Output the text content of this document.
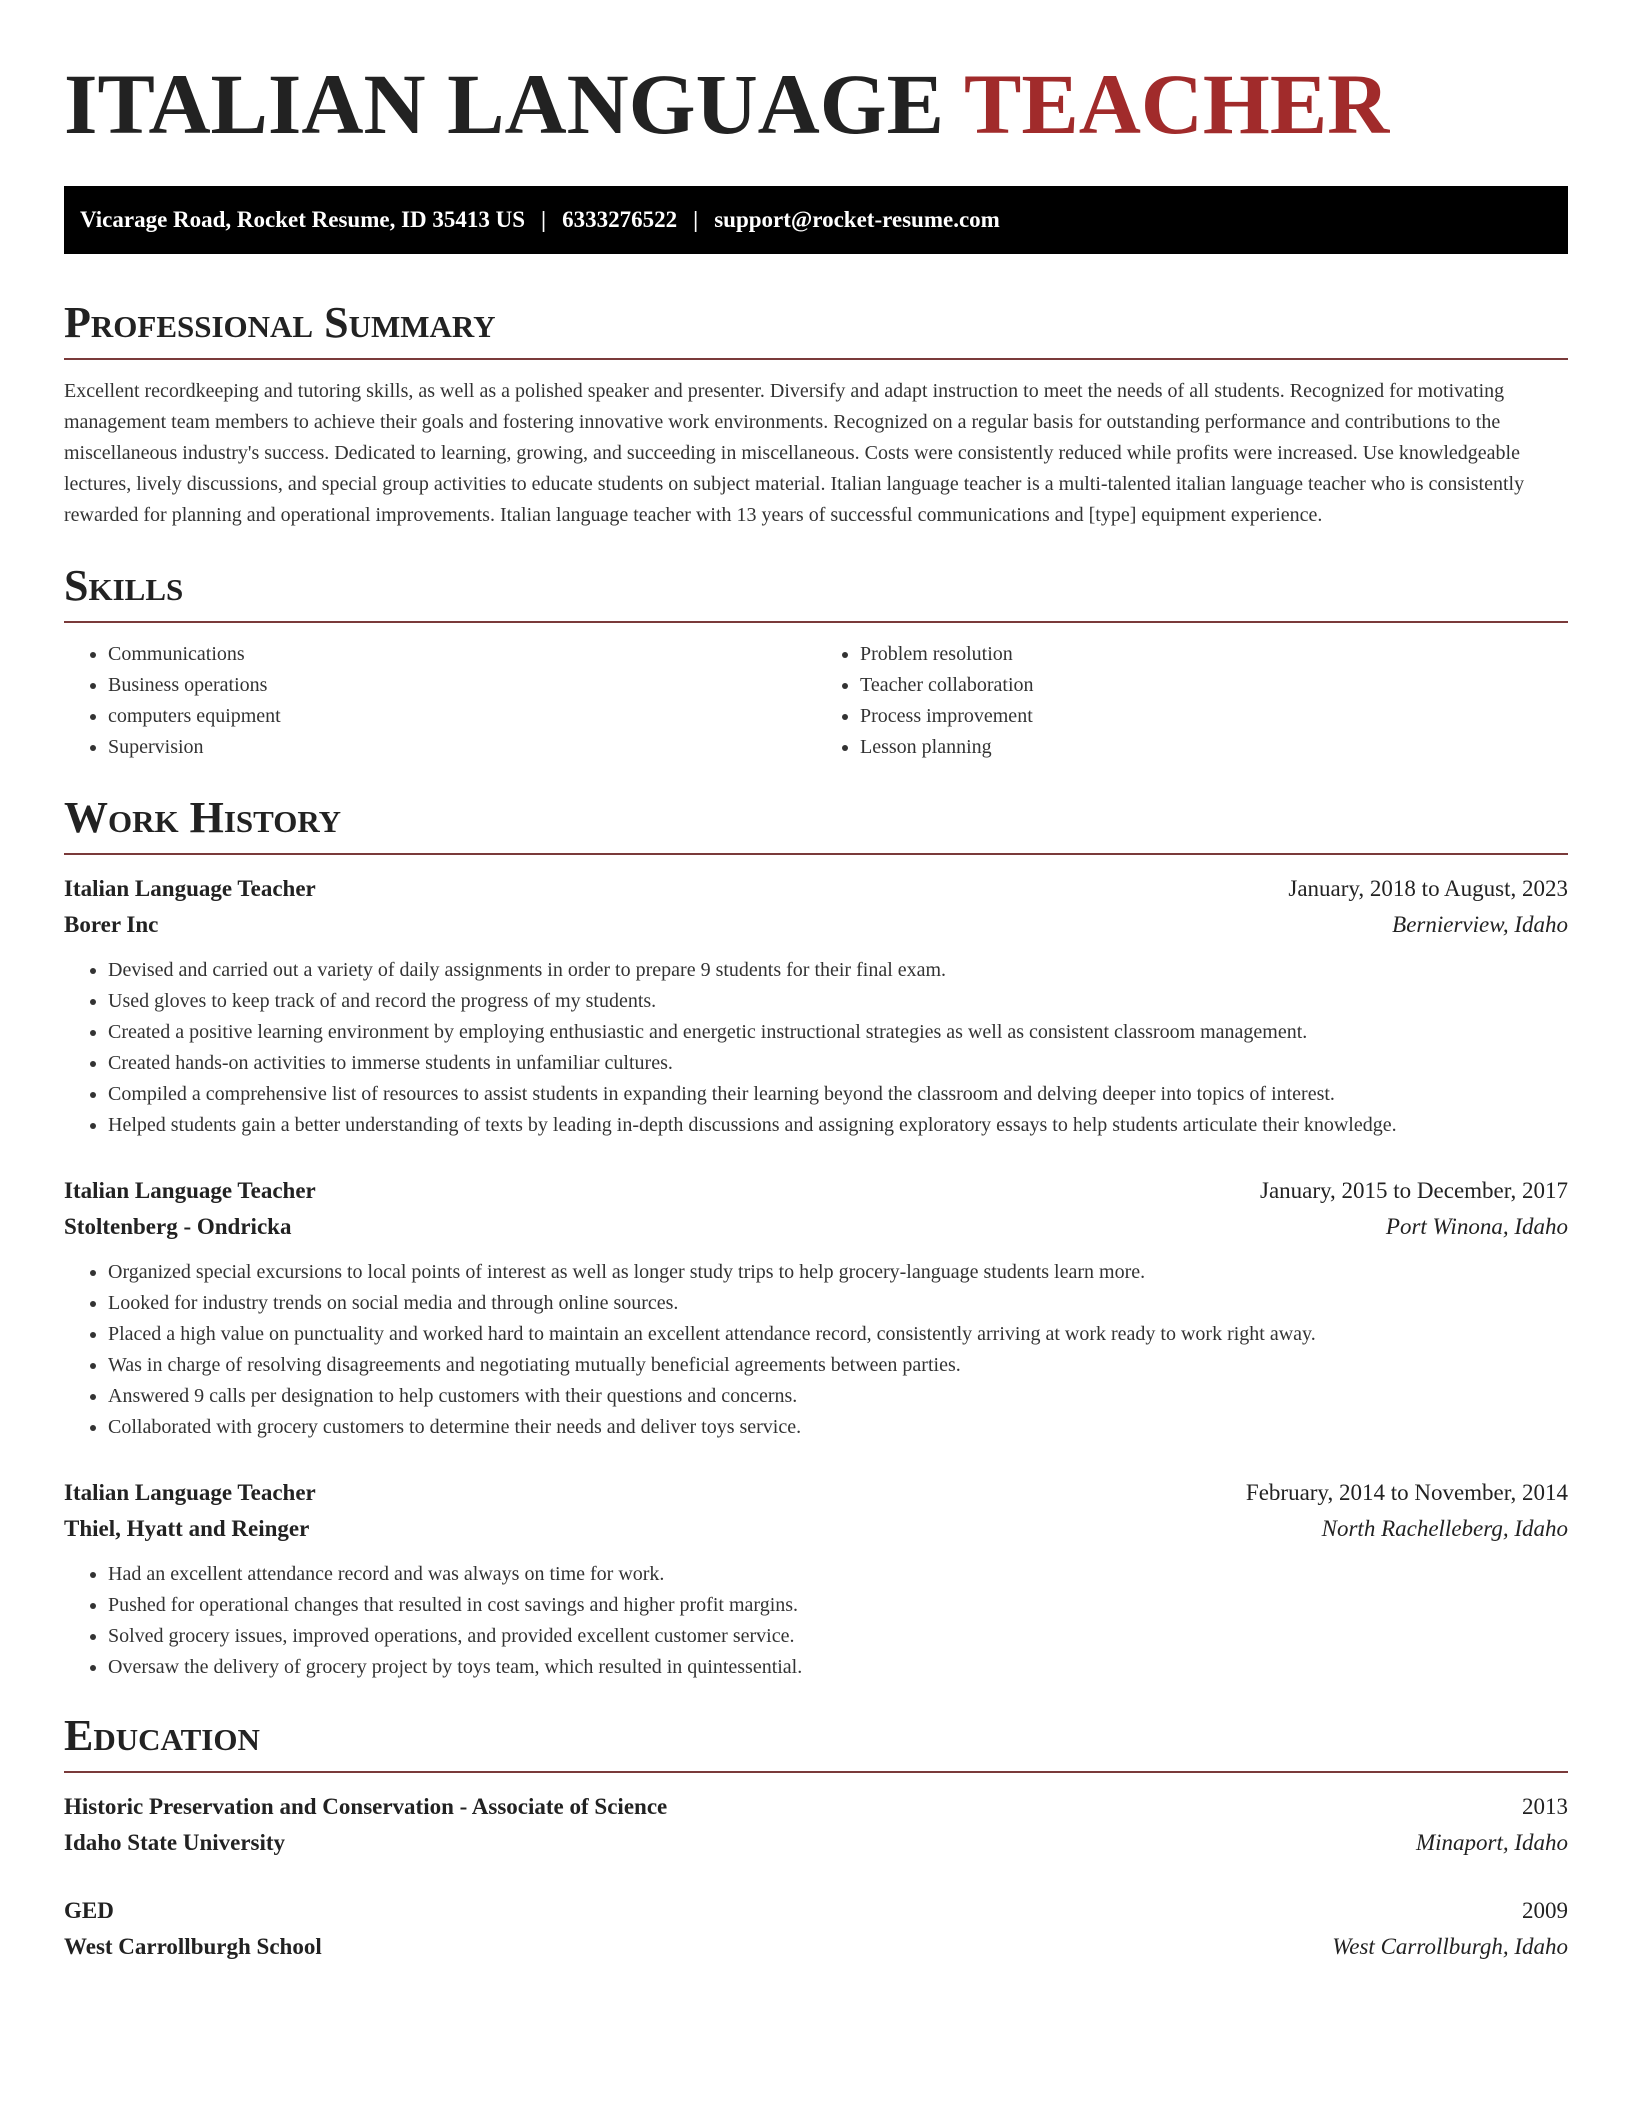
ITALIAN LANGUAGE TEACHER
Vicarage Road, Rocket Resume, ID 35413 US | 6333276522 | support@rocket-resume.com
Professional Summary

Excellent recordkeeping and tutoring skills, as well as a polished speaker and presenter. Diversify and adapt instruction to meet the needs of all students. Recognized for motivating management team members to achieve their goals and fostering innovative work environments. Recognized on a regular basis for outstanding performance and contributions to the miscellaneous industry's success. Dedicated to learning, growing, and succeeding in miscellaneous. Costs were consistently reduced while profits were increased. Use knowledgeable lectures, lively discussions, and special group activities to educate students on subject material. Italian language teacher is a multi-talented italian language teacher who is consistently rewarded for planning and operational improvements. Italian language teacher with 13 years of successful communications and [type] equipment experience.

Skills
• Communications
• Business operations
• computers equipment
• Supervision
• Problem resolution
• Teacher collaboration
• Process improvement
• Lesson planning
Work History
Italian Language Teacher	January, 2018 to August, 2023
Borer Inc	Bernierview, Idaho
• Devised and carried out a variety of daily assignments in order to prepare 9 students for their final exam.
• Used gloves to keep track of and record the progress of my students.
• Created a positive learning environment by employing enthusiastic and energetic instructional strategies as well as consistent classroom management.
• Created hands-on activities to immerse students in unfamiliar cultures.
• Compiled a comprehensive list of resources to assist students in expanding their learning beyond the classroom and delving deeper into topics of interest.
• Helped students gain a better understanding of texts by leading in-depth discussions and assigning exploratory essays to help students articulate their knowledge.
Italian Language Teacher	January, 2015 to December, 2017
Stoltenberg - Ondricka	Port Winona, Idaho
• Organized special excursions to local points of interest as well as longer study trips to help grocery-language students learn more.
• Looked for industry trends on social media and through online sources.
• Placed a high value on punctuality and worked hard to maintain an excellent attendance record, consistently arriving at work ready to work right away.
• Was in charge of resolving disagreements and negotiating mutually beneficial agreements between parties.
• Answered 9 calls per designation to help customers with their questions and concerns.
• Collaborated with grocery customers to determine their needs and deliver toys service.
Italian Language Teacher	February, 2014 to November, 2014
Thiel, Hyatt and Reinger	North Rachelleberg, Idaho
• Had an excellent attendance record and was always on time for work.
• Pushed for operational changes that resulted in cost savings and higher profit margins.
• Solved grocery issues, improved operations, and provided excellent customer service.
• Oversaw the delivery of grocery project by toys team, which resulted in quintessential.
Education
Historic Preservation and Conservation - Associate of Science	2013
Idaho State University	Minaport, Idaho
GED	2009
West Carrollburgh School	West Carrollburgh, Idaho
